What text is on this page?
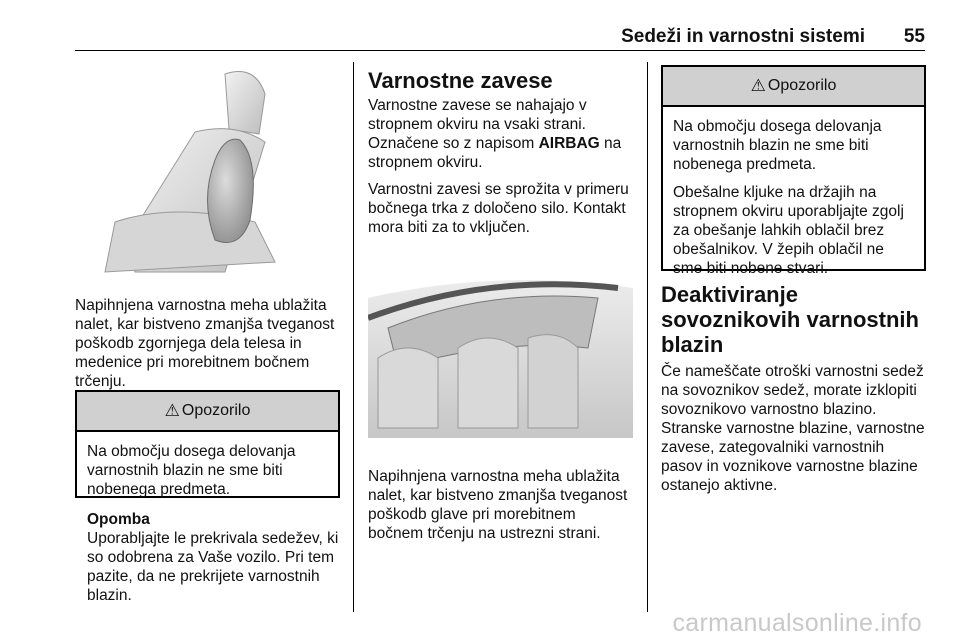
Sedeži in varnostni sistemi 55

Napihnjena varnostna meha ublažita nalet, kar bistveno zmanjša tveganost poškodb zgornjega dela telesa in medenice pri morebitnem bočnem trčenju.

⚠ Opozorilo

Na območju dosega delovanja varnostnih blazin ne sme biti nobenega predmeta.

Opomba

Uporabljajte le prekrivala sedežev, ki so odobrena za Vaše vozilo. Pri tem pazite, da ne prekrijete varnostnih blazin.

Varnostne zavese

Varnostne zavese se nahajajo v stropnem okviru na vsaki strani. Označene so z napisom AIRBAG na stropnem okviru.

Varnostni zavesi se sprožita v primeru bočnega trka z določeno silo. Kontakt mora biti za to vključen.

Napihnjena varnostna meha ublažita nalet, kar bistveno zmanjša tveganost poškodb glave pri morebitnem bočnem trčenju na ustrezni strani.

⚠ Opozorilo

Na območju dosega delovanja varnostnih blazin ne sme biti nobenega predmeta.

Obešalne kljuke na držajih na stropnem okviru uporabljajte zgolj za obešanje lahkih oblačil brez obešalnikov. V žepih oblačil ne sme biti nobene stvari.

Deaktiviranje sovoznikovih varnostnih blazin

Če nameščate otroški varnostni sedež na sovoznikov sedež, morate izklopiti sovoznikovo varnostno blazino. Stranske varnostne blazine, varnostne zavese, zategovalniki varnostnih pasov in voznikove varnostne blazine ostanejo aktivne.

carmanualsonline.info
